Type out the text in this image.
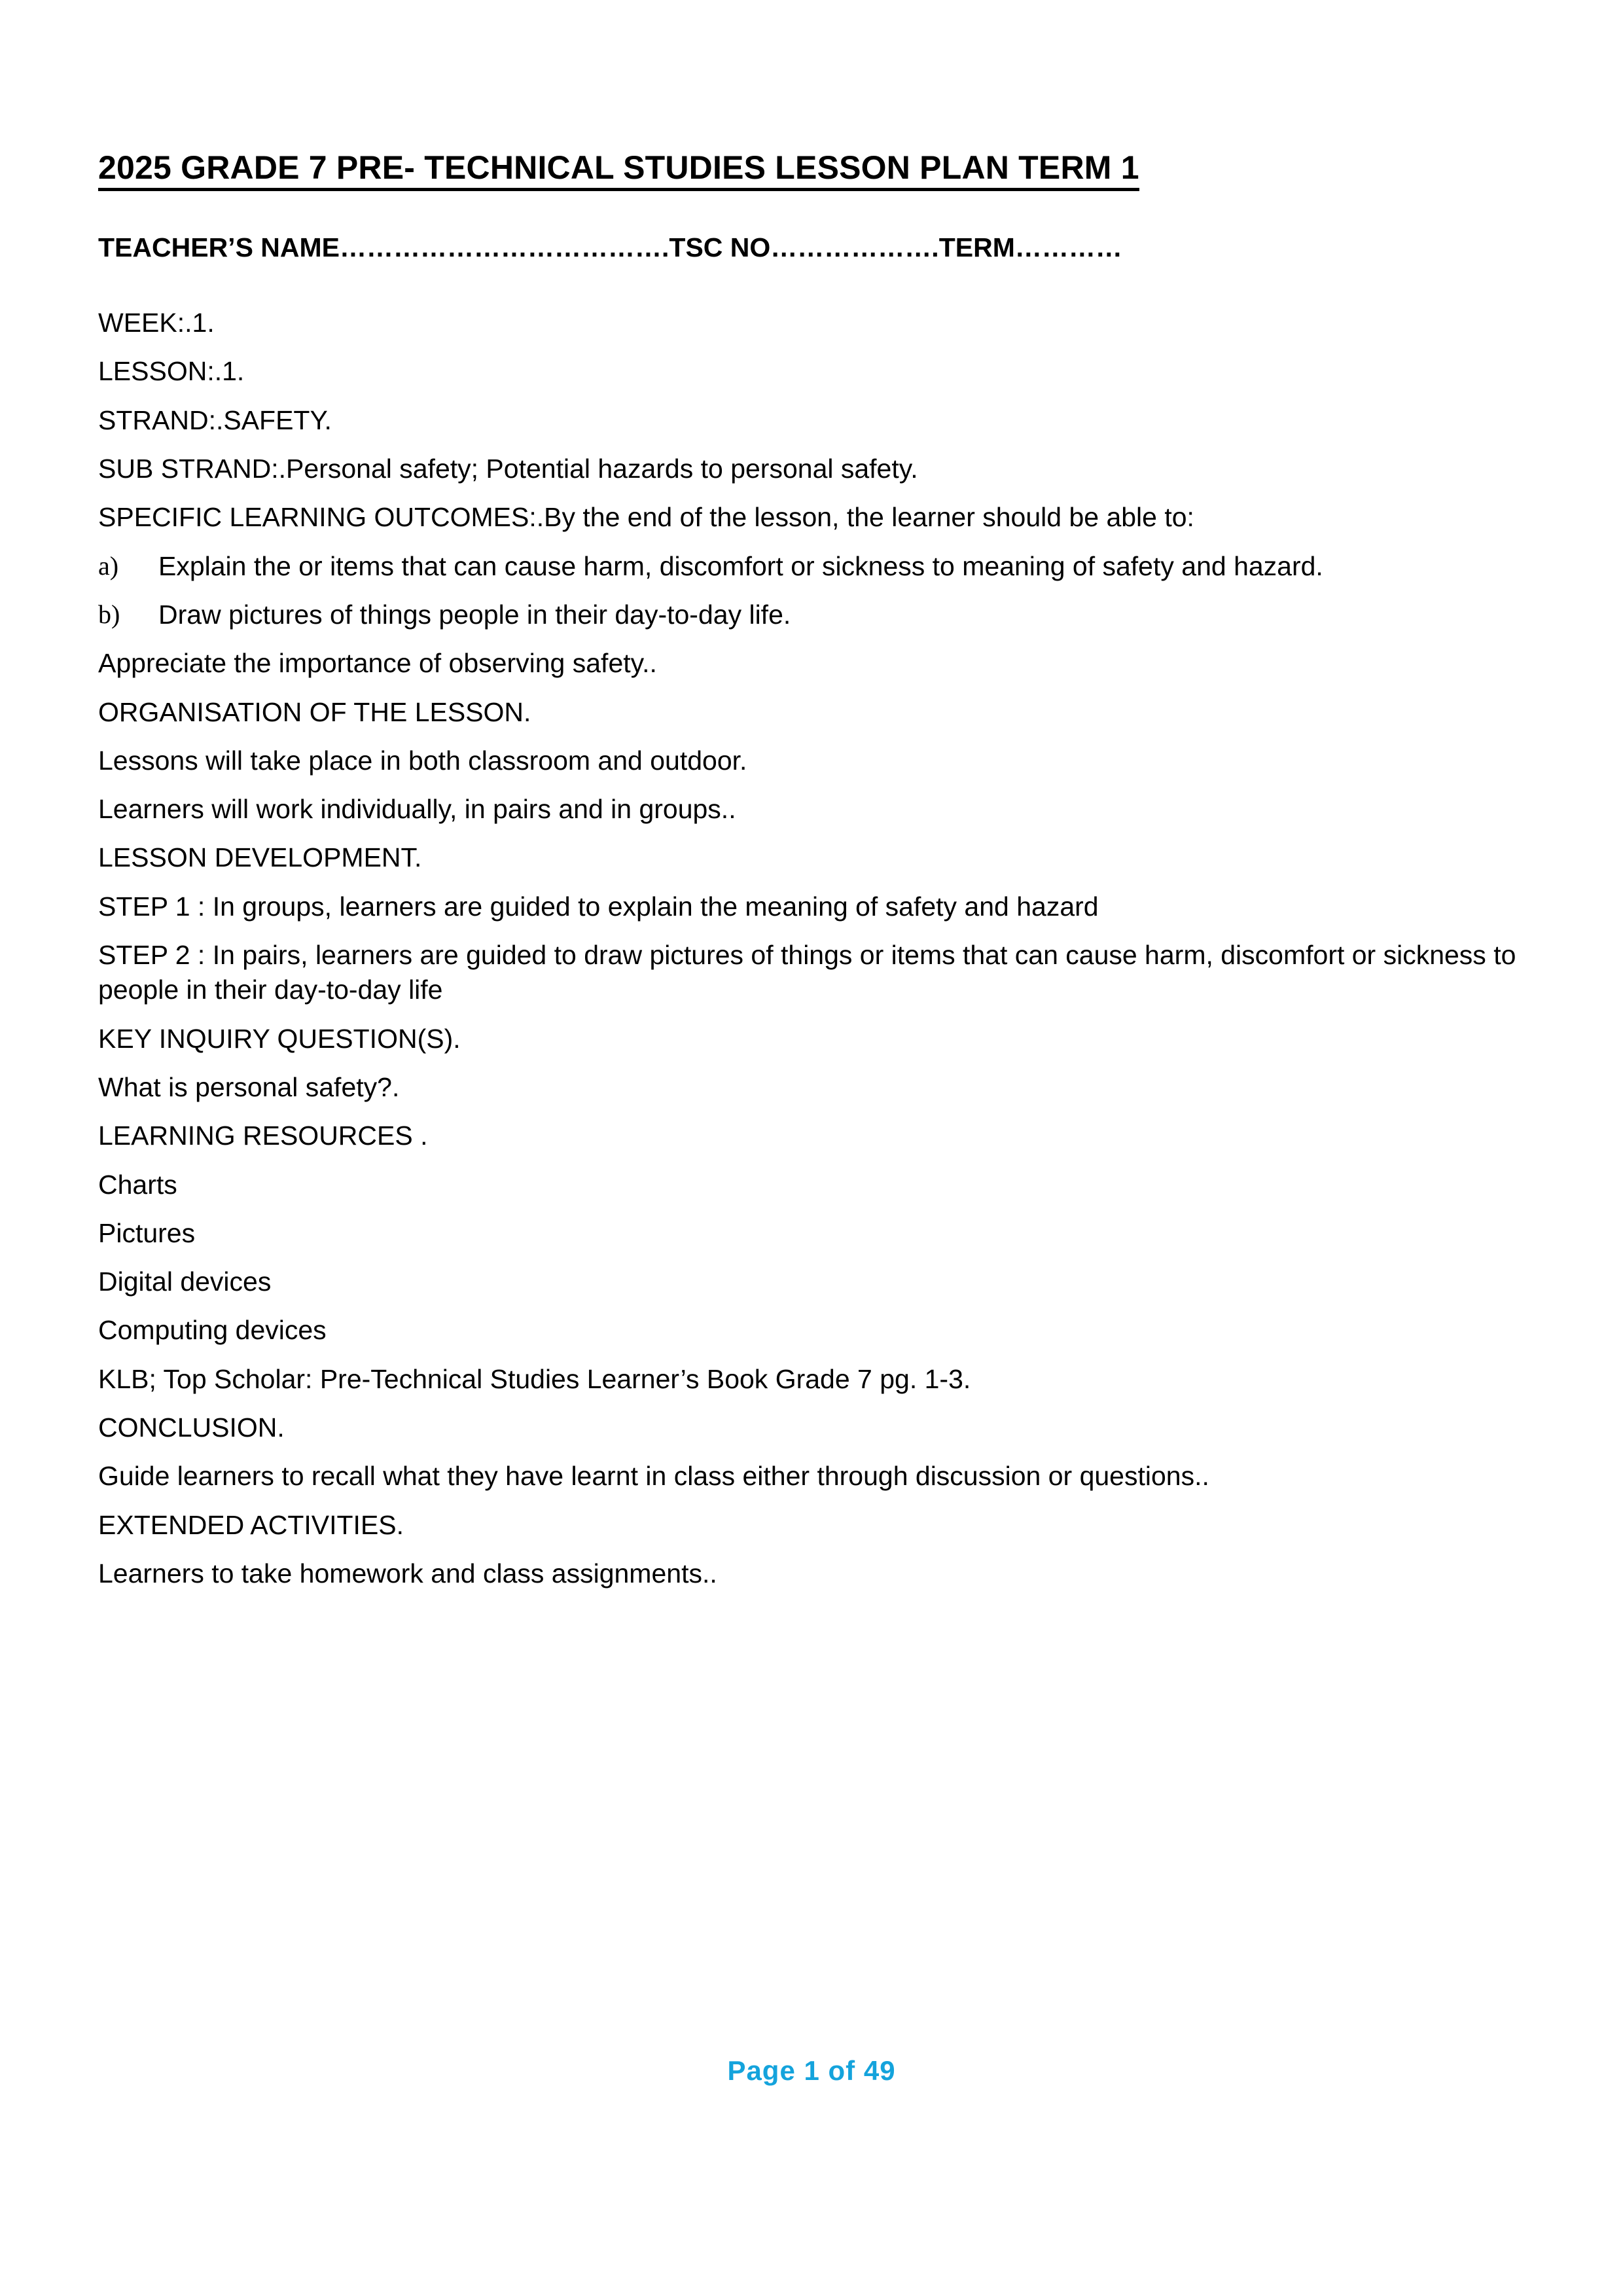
2025 GRADE 7 PRE- TECHNICAL STUDIES LESSON PLAN TERM 1
TEACHER’S NAME……………………………….TSC NO……………….TERM…………
WEEK:.1.
LESSON:.1.
STRAND:.SAFETY.
SUB STRAND:.Personal safety; Potential hazards to personal safety.
SPECIFIC LEARNING OUTCOMES:.By the end of the lesson, the learner should be able to:
a) Explain the or items that can cause harm, discomfort or sickness to meaning of safety and hazard.
b) Draw pictures of things people in their day-to-day life.
Appreciate the importance of observing safety..
ORGANISATION OF THE LESSON.
Lessons will take place in both classroom and outdoor.
Learners will work individually, in pairs and in groups..
LESSON DEVELOPMENT.
STEP 1 : In groups, learners are guided to explain the meaning of safety and hazard
STEP 2 : In pairs, learners are guided to draw pictures of things or items that can cause harm, discomfort or sickness to people in their day-to-day life
KEY INQUIRY QUESTION(S).
What is personal safety?.
LEARNING RESOURCES .
Charts
Pictures
Digital devices
Computing devices
KLB; Top Scholar: Pre-Technical Studies Learner’s Book Grade 7 pg. 1-3.
CONCLUSION.
Guide learners to recall what they have learnt in class either through discussion or questions..
EXTENDED ACTIVITIES.
Learners to take homework and class assignments..
Page 1 of 49
